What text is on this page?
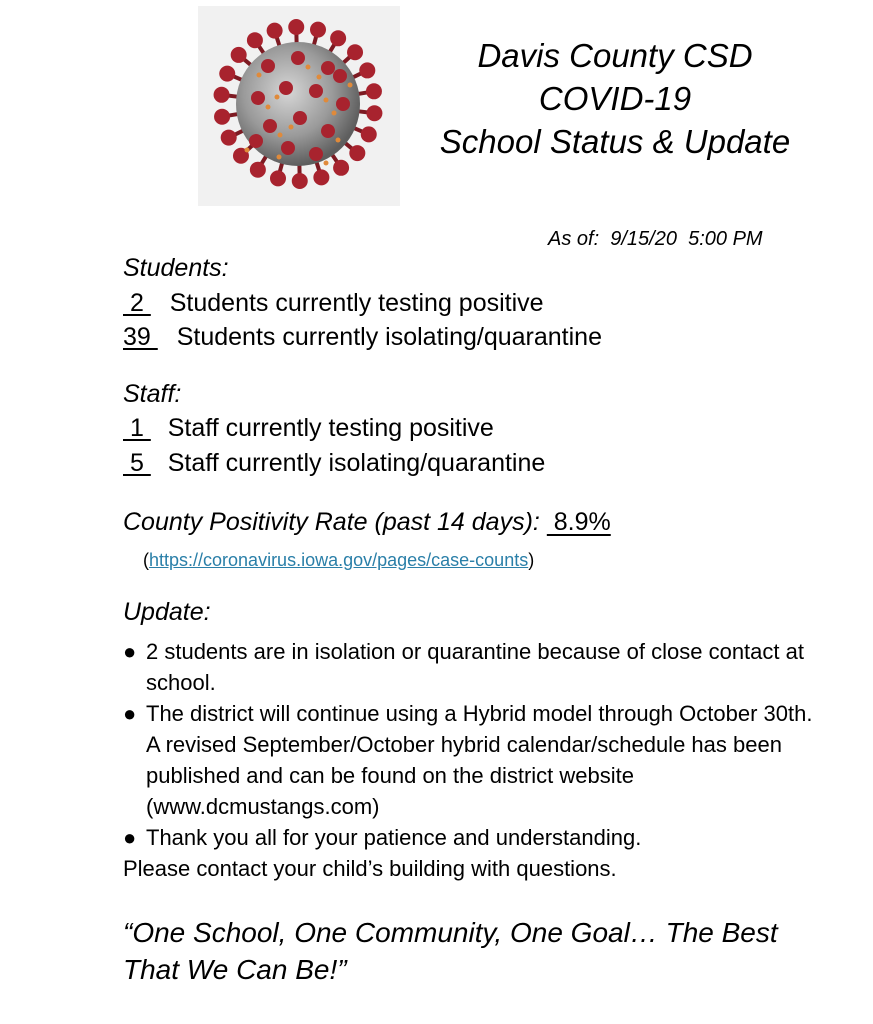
Davis County CSD
COVID-19
School Status & Update
As of:  9/15/20  5:00 PM
Students:
2  Students currently testing positive
39  Students currently isolating/quarantine
Staff:
1  Staff currently testing positive
5  Staff currently isolating/quarantine
County Positivity Rate (past 14 days):  8.9%
(https://coronavirus.iowa.gov/pages/case-counts)
Update:
● 2 students are in isolation or quarantine because of close contact at school.
● The district will continue using a Hybrid model through October 30th. A revised September/October hybrid calendar/schedule has been published and can be found on the district website (www.dcmustangs.com)
● Thank you all for your patience and understanding.
Please contact your child’s building with questions.
“One School, One Community, One Goal… The Best That We Can Be!”
